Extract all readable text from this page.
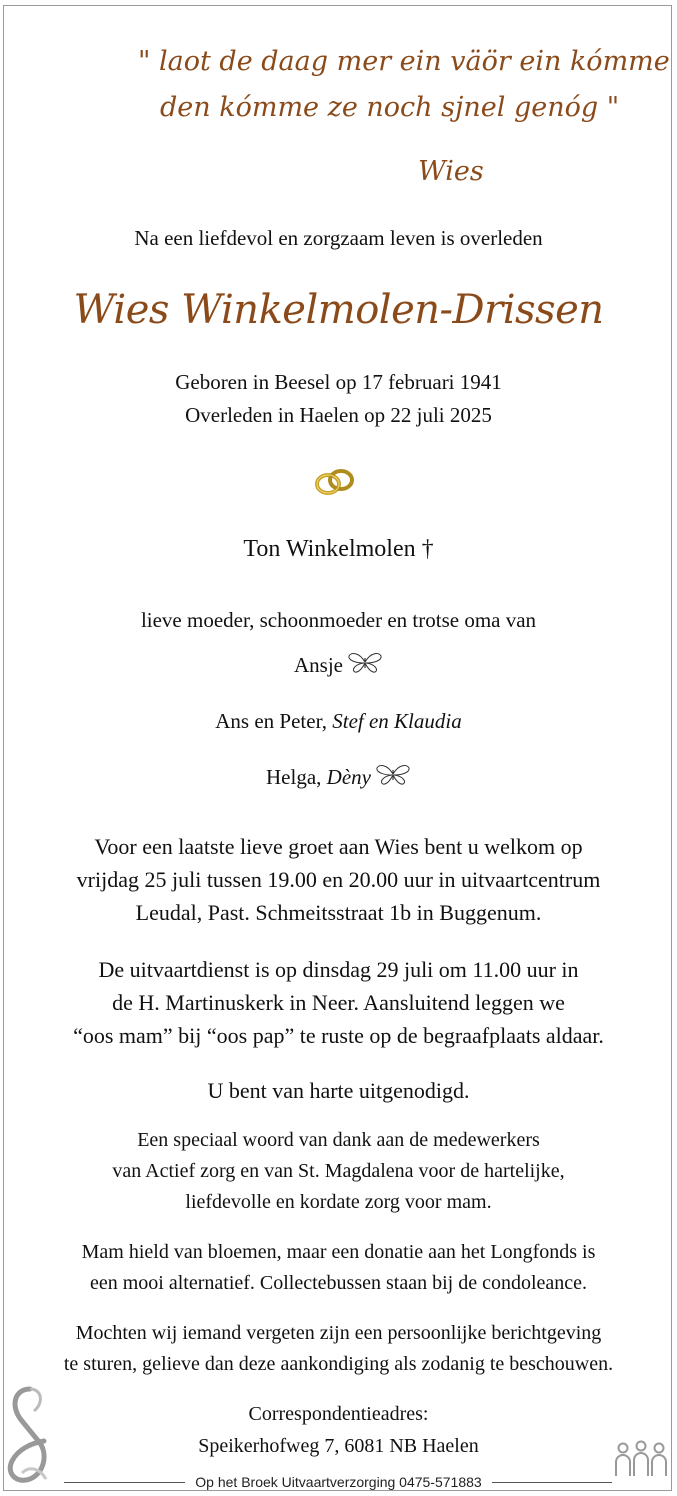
" laot de daag mer ein väör ein kómme
den kómme ze noch sjnel genóg "
Wies
Na een liefdevol en zorgzaam leven is overleden
Wies Winkelmolen-Drissen
Geboren in Beesel op 17 februari 1941
Overleden in Haelen op 22 juli 2025
Ton Winkelmolen †
lieve moeder, schoonmoeder en trotse oma van
Ansje
Ans en Peter, Stef en Klaudia
Helga, Dèny
Voor een laatste lieve groet aan Wies bent u welkom op
vrijdag 25 juli tussen 19.00 en 20.00 uur in uitvaartcentrum
Leudal, Past. Schmeitsstraat 1b in Buggenum.
De uitvaartdienst is op dinsdag 29 juli om 11.00 uur in
de H. Martinuskerk in Neer. Aansluitend leggen we
“oos mam” bij “oos pap” te ruste op de begraafplaats aldaar.
U bent van harte uitgenodigd.
Een speciaal woord van dank aan de medewerkers
van Actief zorg en van St. Magdalena voor de hartelijke,
liefdevolle en kordate zorg voor mam.
Mam hield van bloemen, maar een donatie aan het Longfonds is
een mooi alternatief. Collectebussen staan bij de condoleance.
Mochten wij iemand vergeten zijn een persoonlijke berichtgeving
te sturen, gelieve dan deze aankondiging als zodanig te beschouwen.
Correspondentieadres:
Speikerhofweg 7, 6081 NB Haelen
Op het Broek Uitvaartverzorging 0475-571883
